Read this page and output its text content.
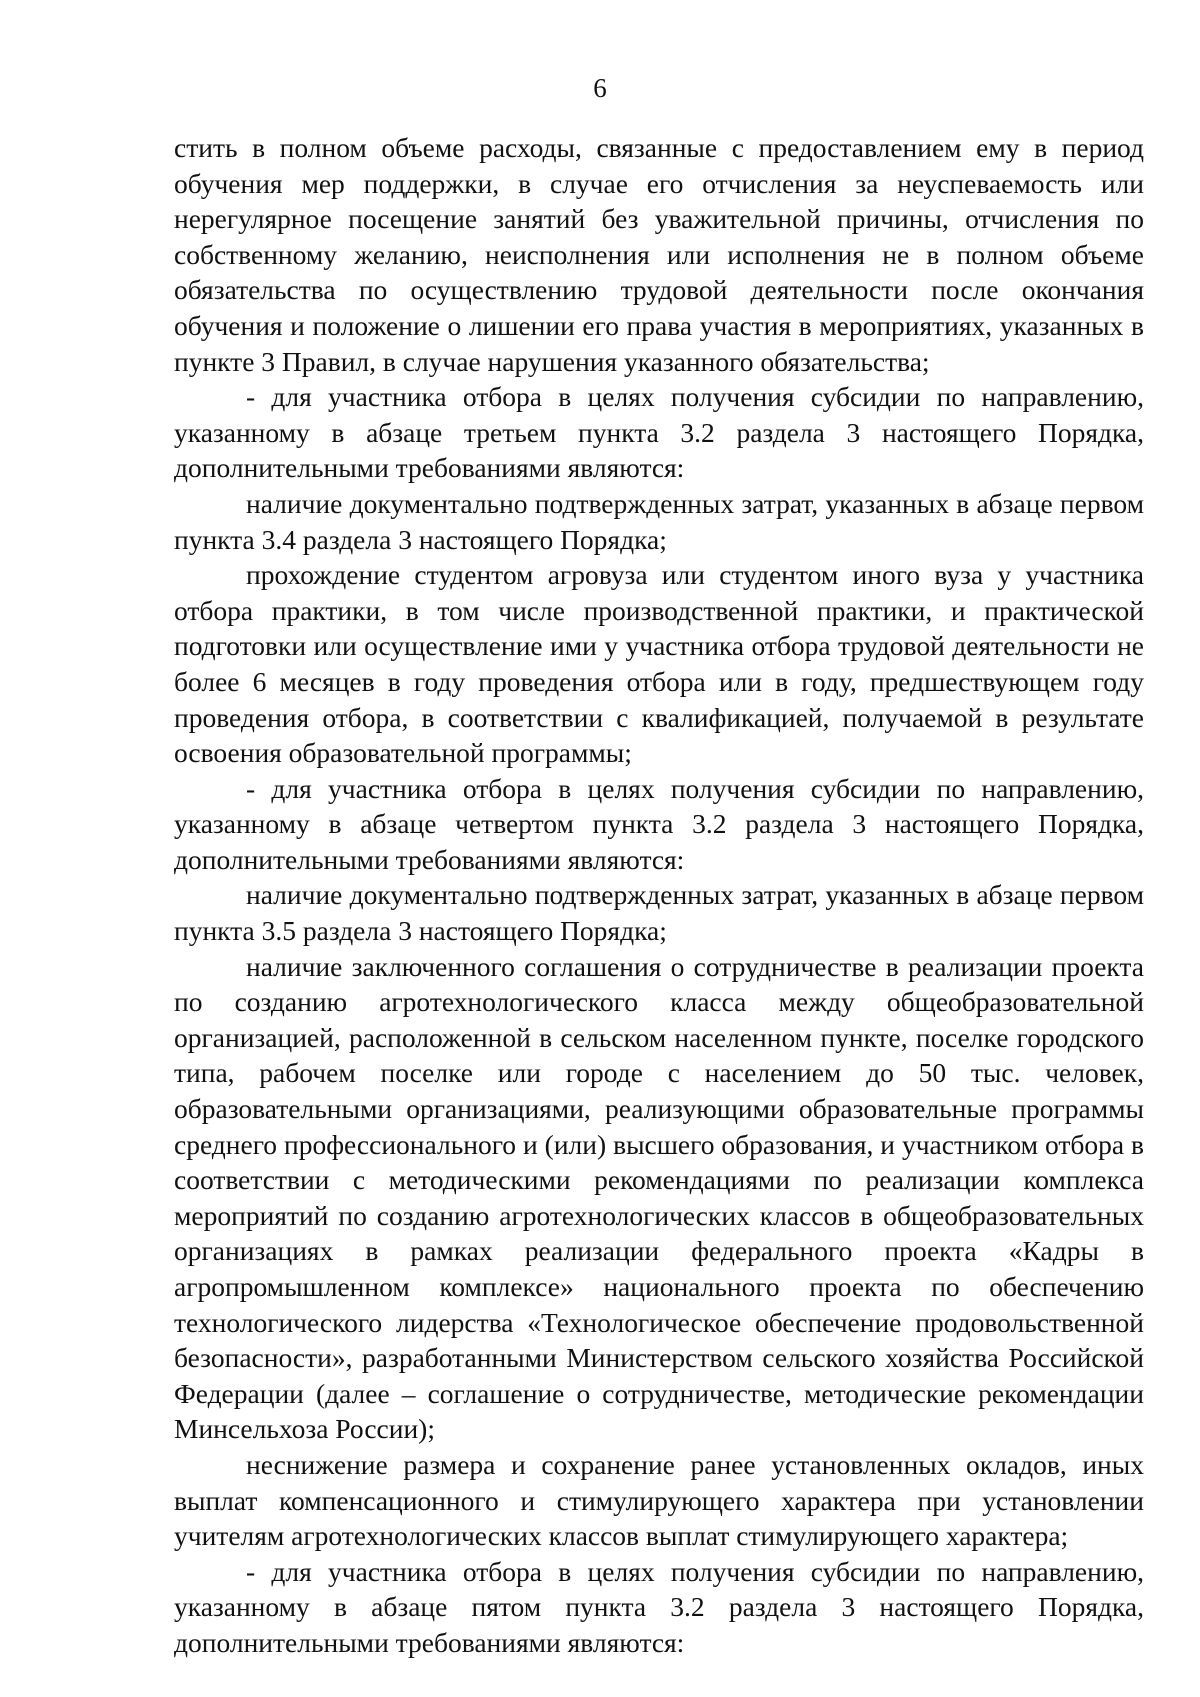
6

стить в полном объеме расходы, связанные с предоставлением ему в период обучения мер поддержки, в случае его отчисления за неуспеваемость или нерегулярное посещение занятий без уважительной причины, отчисления по собственному желанию, неисполнения или исполнения не в полном объеме обязательства по осуществлению трудовой деятельности после окончания обучения и положение о лишении его права участия в мероприятиях, указанных в пункте 3 Правил, в случае нарушения указанного обязательства;

- для участника отбора в целях получения субсидии по направлению, указанному в абзаце третьем пункта 3.2 раздела 3 настоящего Порядка, дополнительными требованиями являются:

наличие документально подтвержденных затрат, указанных в абзаце первом пункта 3.4 раздела 3 настоящего Порядка;

прохождение студентом агровуза или студентом иного вуза у участника отбора практики, в том числе производственной практики, и практической подготовки или осуществление ими у участника отбора трудовой деятельности не более 6 месяцев в году проведения отбора или в году, предшествующем году проведения отбора, в соответствии с квалификацией, получаемой в результате освоения образовательной программы;

- для участника отбора в целях получения субсидии по направлению, указанному в абзаце четвертом пункта 3.2 раздела 3 настоящего Порядка, дополнительными требованиями являются:

наличие документально подтвержденных затрат, указанных в абзаце первом пункта 3.5 раздела 3 настоящего Порядка;

наличие заключенного соглашения о сотрудничестве в реализации проекта по созданию агротехнологического класса между общеобразовательной организацией, расположенной в сельском населенном пункте, поселке городского типа, рабочем поселке или городе с населением до 50 тыс. человек, образовательными организациями, реализующими образовательные программы среднего профессионального и (или) высшего образования, и участником отбора в соответствии с методическими рекомендациями по реализации комплекса мероприятий по созданию агротехнологических классов в общеобразовательных организациях в рамках реализации федерального проекта «Кадры в агропромышленном комплексе» национального проекта по обеспечению технологического лидерства «Технологическое обеспечение продовольственной безопасности», разработанными Министерством сельского хозяйства Российской Федерации (далее – соглашение о сотрудничестве, методические рекомендации Минсельхоза России);

неснижение размера и сохранение ранее установленных окладов, иных выплат компенсационного и стимулирующего характера при установлении учителям агротехнологических классов выплат стимулирующего характера;

- для участника отбора в целях получения субсидии по направлению, указанному в абзаце пятом пункта 3.2 раздела 3 настоящего Порядка, дополнительными требованиями являются:
